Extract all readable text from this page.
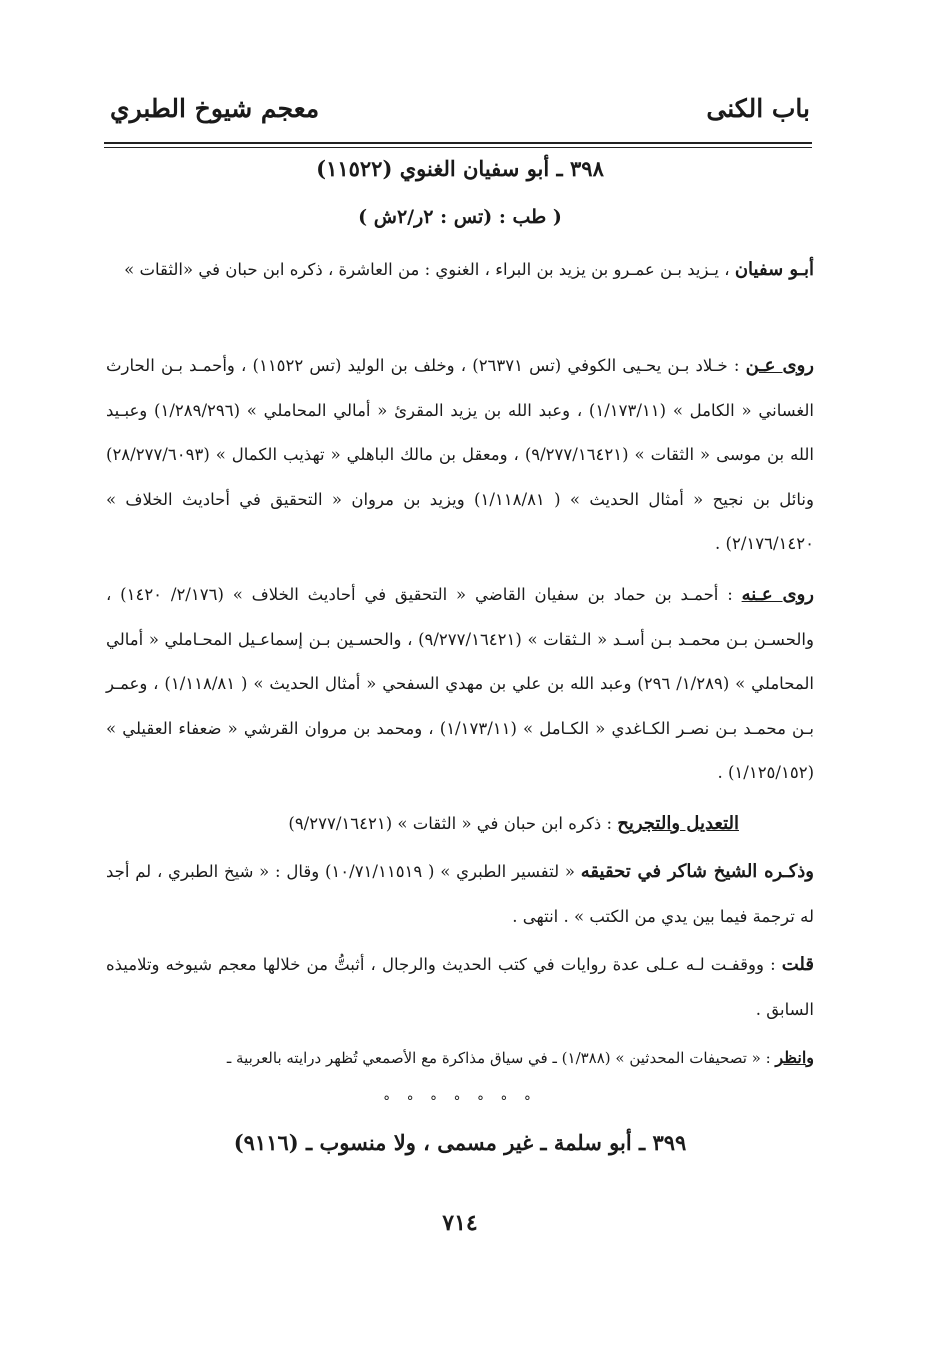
باب الكنى
معجم شيوخ الطبري
٣٩٨ ـ أبو سفيان الغنوي (١١٥٢٢)
( طب : (تس : ٢ر/٢ش )
أبـو سفيان ، يـزيد بـن عمـرو بن يزيد بن البراء ، الغنوي : من العاشرة ، ذكره ابن حبان في «الثقات »
روى عـن : خـلاد بـن يحـيى الكوفي (تس ٢٦٣٧١) ، وخلف بن الوليد (تس ١١٥٢٢) ، وأحمـد بـن الحارث الغساني « الكامل » (١/١٧٣/١١) ، وعبد الله بن يزيد المقرئ « أمالي المحاملي » (١/٢٨٩/٢٩٦) وعبـيد الله بن موسى « الثقات » (٩/٢٧٧/١٦٤٢١) ، ومعقل بن مالك الباهلي « تهذيب الكمال » (٢٨/٢٧٧/٦٠٩٣) ونائل بن نجيح « أمثال الحديث » ( ١/١١٨/٨١) ويزيد بن مروان « التحقيق في أحاديث الخلاف » ٢/١٧٦/١٤٢٠) .
روى عـنه : أحمـد بن حماد بن سفيان القاضي « التحقيق في أحاديث الخلاف » (٢/١٧٦/ ١٤٢٠) ، والحسـن بـن محمـد بـن أسـد « الـثقات » (٩/٢٧٧/١٦٤٢١) ، والحسـين بـن إسماعـيل المحـاملي « أمالي المحاملي » (١/٢٨٩/ ٢٩٦) وعبد الله بن علي بن مهدي السفحي « أمثال الحديث » ( ١/١١٨/٨١) ، وعمـر بـن محمـد بـن نصـر الكـاغدي « الكـامل » (١/١٧٣/١١) ، ومحمد بن مروان القرشي « ضعفاء العقيلي » (١/١٢٥/١٥٢) .
التعديل والتجريح : ذكره ابن حبان في « الثقات » (٩/٢٧٧/١٦٤٢١)
وذكـره الشيخ شاكر في تحقيقه « لتفسير الطبري » ( ١٠/٧١/١١٥١٩) وقال : « شيخ الطبري ، لم أجد له ترجمة فيما بين يدي من الكتب » . انتهى .
قلت : ووقفـت لـه عـلى عدة روايات في كتب الحديث والرجال ، أثبتُّ من خلالها معجم شيوخه وتلاميذه السابق .
وانظر : « تصحيفات المحدثين » (١/٣٨٨) ـ في سياق مذاكرة مع الأصمعي تُظهر درايته بالعربية ـ
° ° ° ° ° ° °
٣٩٩ ـ أبو سلمة ـ غير مسمى ، ولا منسوب ـ (٩١١٦)
٧١٤
